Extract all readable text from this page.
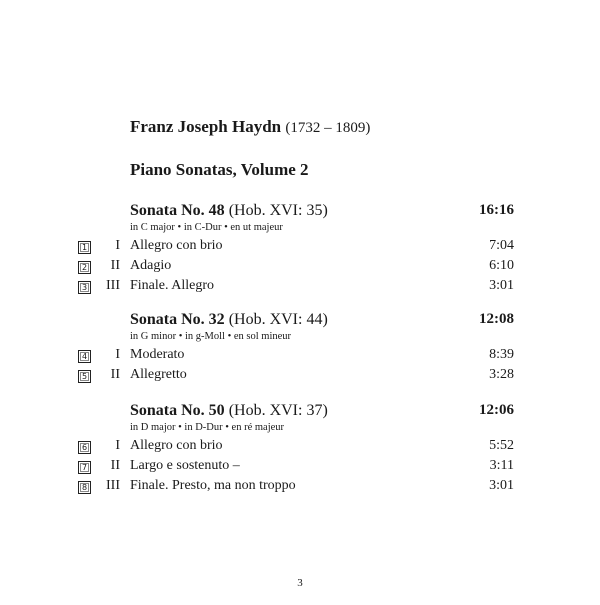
Franz Joseph Haydn (1732 – 1809)
Piano Sonatas, Volume 2
Sonata No. 48 (Hob. XVI: 35)	16:16
in C major • in C-Dur • en ut majeur
1	I Allegro con brio	7:04
2	II Adagio	6:10
3	III Finale. Allegro	3:01
Sonata No. 32 (Hob. XVI: 44)	12:08
in G minor • in g-Moll • en sol mineur
4	I Moderato	8:39
5	II Allegretto	3:28
Sonata No. 50 (Hob. XVI: 37)	12:06
in D major • in D-Dur • en ré majeur
6	I Allegro con brio	5:52
7	II Largo e sostenuto –	3:11
8	III Finale. Presto, ma non troppo	3:01
3
